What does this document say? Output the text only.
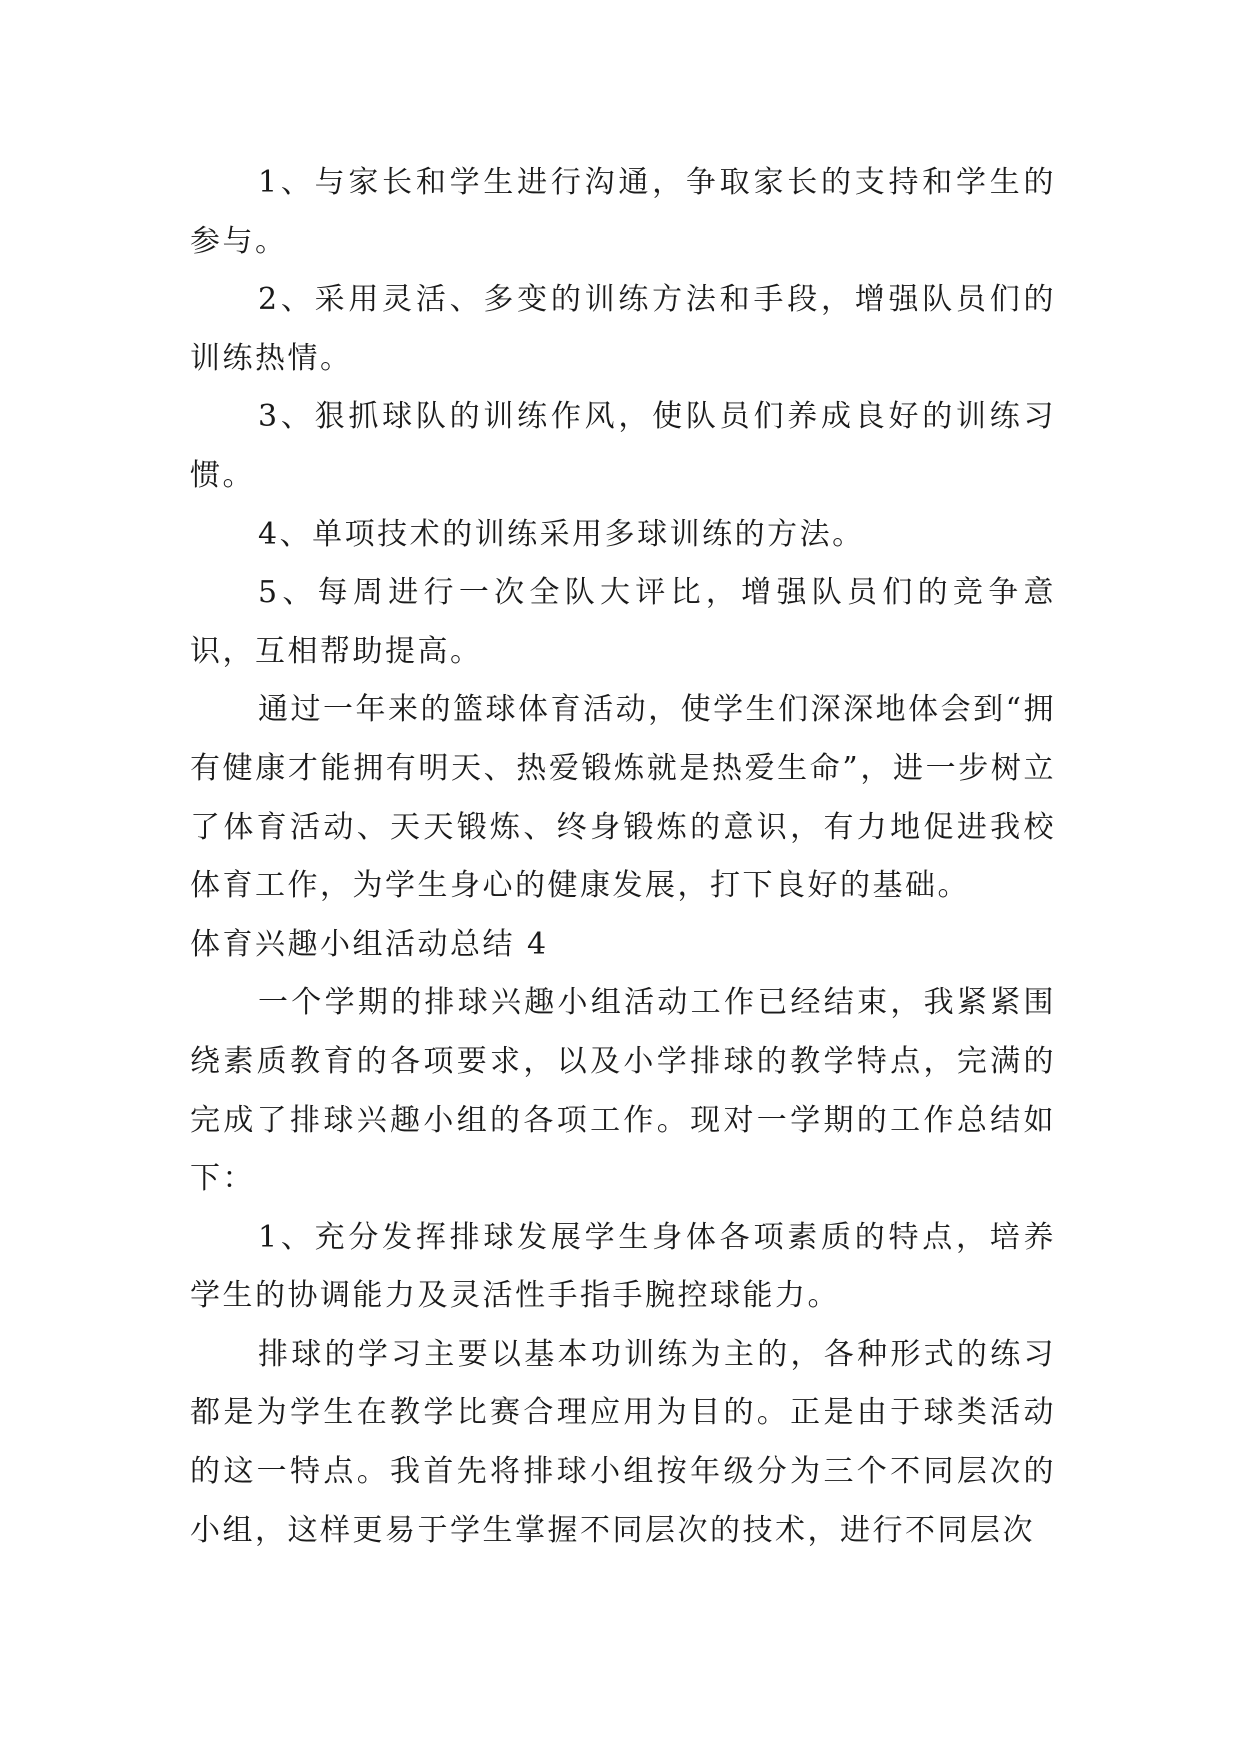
1、与家长和学生进行沟通，争取家长的支持和学生的参与。

2、采用灵活、多变的训练方法和手段，增强队员们的训练热情。

3、狠抓球队的训练作风，使队员们养成良好的训练习惯。

4、单项技术的训练采用多球训练的方法。

5、每周进行一次全队大评比，增强队员们的竞争意识，互相帮助提高。

通过一年来的篮球体育活动，使学生们深深地体会到“拥有健康才能拥有明天、热爱锻炼就是热爱生命”，进一步树立了体育活动、天天锻炼、终身锻炼的意识，有力地促进我校体育工作，为学生身心的健康发展，打下良好的基础。

体育兴趣小组活动总结 4

一个学期的排球兴趣小组活动工作已经结束，我紧紧围绕素质教育的各项要求，以及小学排球的教学特点，完满的完成了排球兴趣小组的各项工作。现对一学期的工作总结如下：

1、充分发挥排球发展学生身体各项素质的特点，培养学生的协调能力及灵活性手指手腕控球能力。

排球的学习主要以基本功训练为主的，各种形式的练习都是为学生在教学比赛合理应用为目的。正是由于球类活动的这一特点。我首先将排球小组按年级分为三个不同层次的小组，这样更易于学生掌握不同层次的技术，进行不同层次
